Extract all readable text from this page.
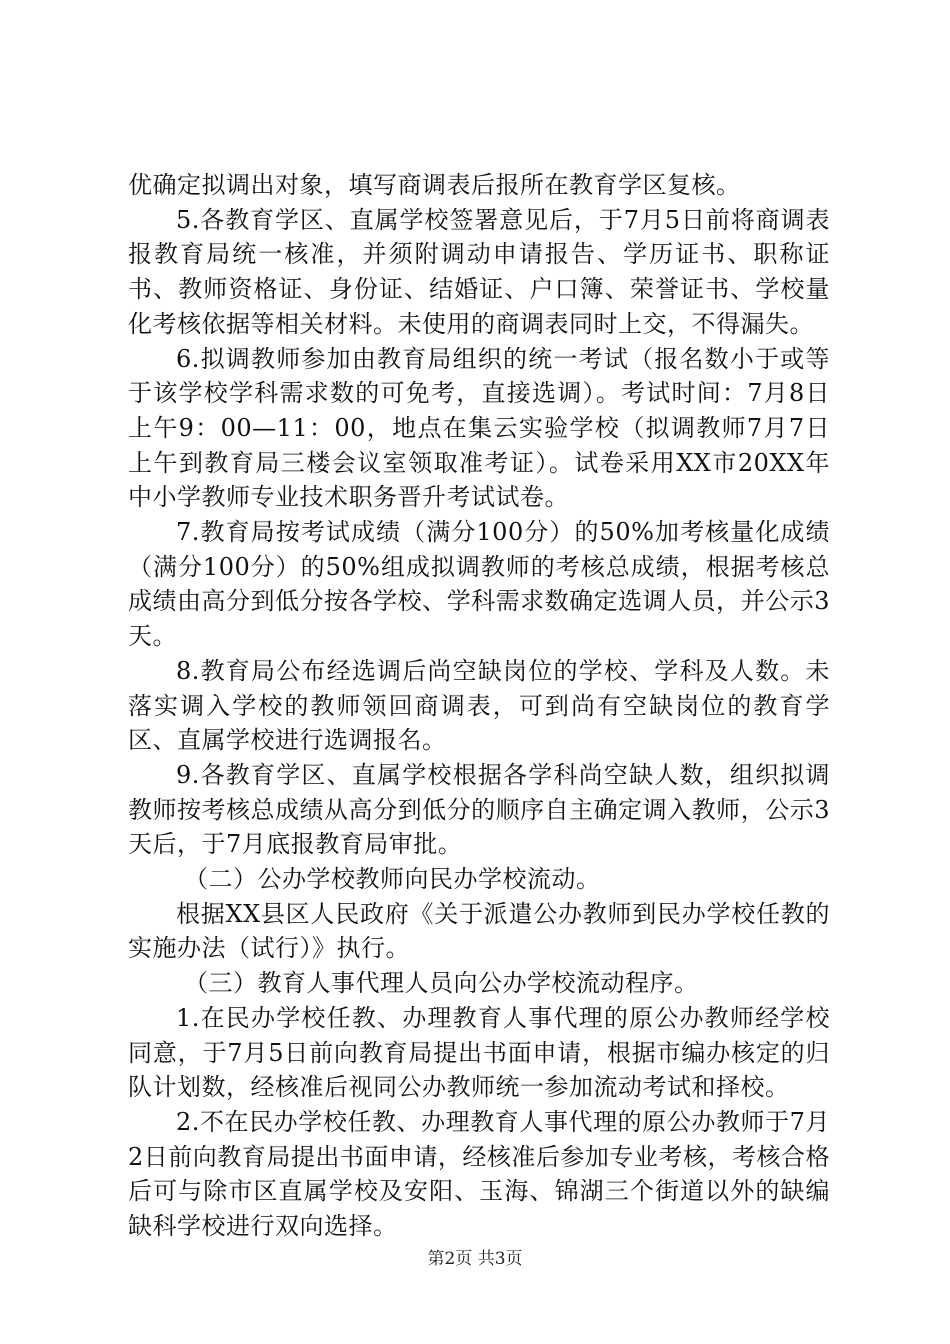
优确定拟调出对象，填写商调表后报所在教育学区复核。

5.各教育学区、直属学校签署意见后，于7月5日前将商调表报教育局统一核准，并须附调动申请报告、学历证书、职称证书、教师资格证、身份证、结婚证、户口簿、荣誉证书、学校量化考核依据等相关材料。未使用的商调表同时上交，不得漏失。

6.拟调教师参加由教育局组织的统一考试（报名数小于或等于该学校学科需求数的可免考，直接选调）。考试时间：7月8日上午9：00—11：00，地点在集云实验学校（拟调教师7月7日上午到教育局三楼会议室领取准考证）。试卷采用XX市20XX年中小学教师专业技术职务晋升考试试卷。

7.教育局按考试成绩（满分100分）的50%加考核量化成绩（满分100分）的50%组成拟调教师的考核总成绩，根据考核总成绩由高分到低分按各学校、学科需求数确定选调人员，并公示3天。

8.教育局公布经选调后尚空缺岗位的学校、学科及人数。未落实调入学校的教师领回商调表，可到尚有空缺岗位的教育学区、直属学校进行选调报名。

9.各教育学区、直属学校根据各学科尚空缺人数，组织拟调教师按考核总成绩从高分到低分的顺序自主确定调入教师，公示3天后，于7月底报教育局审批。

（二）公办学校教师向民办学校流动。

根据XX县区人民政府《关于派遣公办教师到民办学校任教的实施办法（试行）》执行。

（三）教育人事代理人员向公办学校流动程序。

1.在民办学校任教、办理教育人事代理的原公办教师经学校同意，于7月5日前向教育局提出书面申请，根据市编办核定的归队计划数，经核准后视同公办教师统一参加流动考试和择校。

2.不在民办学校任教、办理教育人事代理的原公办教师于7月2日前向教育局提出书面申请，经核准后参加专业考核，考核合格后可与除市区直属学校及安阳、玉海、锦湖三个街道以外的缺编缺科学校进行双向选择。

第2页 共3页
